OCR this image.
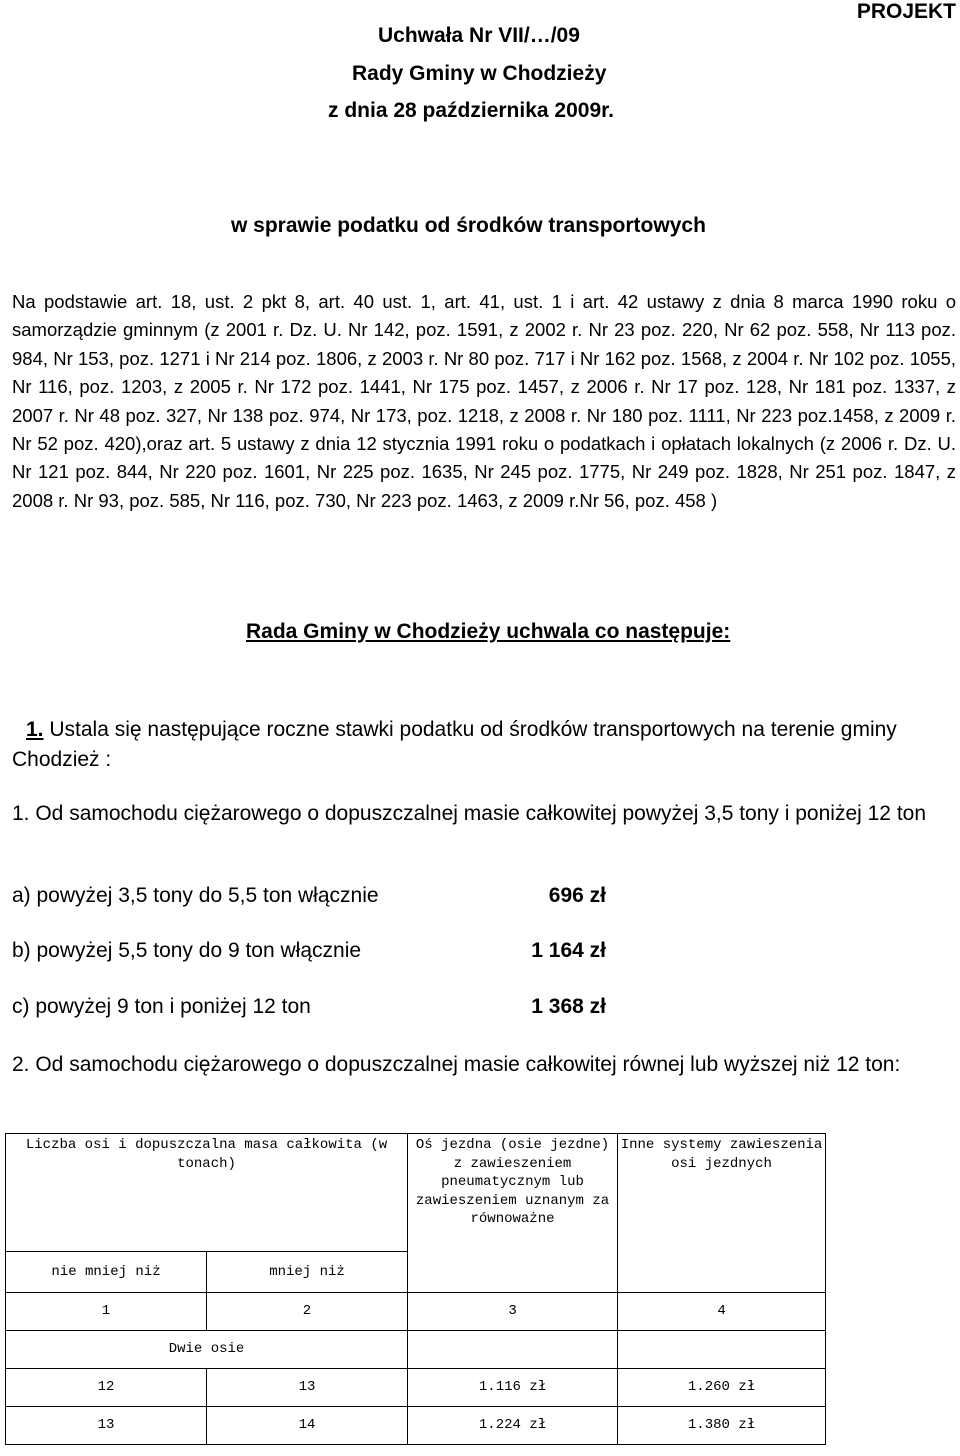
PROJEKT
Uchwała Nr VII/…/09
Rady Gminy w Chodzieży
z dnia 28 października 2009r.
w sprawie podatku od środków transportowych

Na podstawie art. 18, ust. 2 pkt 8, art. 40 ust. 1, art. 41, ust. 1 i art. 42 ustawy z dnia 8 marca 1990 roku o samorządzie gminnym (z 2001 r. Dz. U. Nr 142, poz. 1591, z 2002 r. Nr 23 poz. 220, Nr 62 poz. 558, Nr 113 poz. 984, Nr 153, poz. 1271 i Nr 214 poz. 1806, z 2003 r. Nr 80 poz. 717 i Nr 162 poz. 1568, z 2004 r. Nr 102 poz. 1055, Nr 116, poz. 1203, z 2005 r. Nr 172 poz. 1441, Nr 175 poz. 1457, z 2006 r. Nr 17 poz. 128, Nr 181 poz. 1337, z 2007 r. Nr 48 poz. 327, Nr 138 poz. 974, Nr 173, poz. 1218, z 2008 r. Nr 180 poz. 1111, Nr 223 poz.1458, z 2009 r. Nr 52 poz. 420),oraz art. 5 ustawy z dnia 12 stycznia 1991 roku o podatkach i opłatach lokalnych (z 2006 r. Dz. U. Nr 121 poz. 844, Nr 220 poz. 1601, Nr 225 poz. 1635, Nr 245 poz. 1775, Nr 249 poz. 1828, Nr 251 poz. 1847, z 2008 r. Nr 93, poz. 585, Nr 116, poz. 730, Nr 223 poz. 1463, z 2009 r.Nr 56, poz. 458 )

Rada Gminy w Chodzieży uchwala co następuje:

1. Ustala się następujące roczne stawki podatku od środków transportowych na terenie gminy Chodzież :

1. Od samochodu ciężarowego o dopuszczalnej masie całkowitej powyżej 3,5 tony i poniżej 12 ton

a) powyżej 3,5 tony do 5,5 ton włącznie	696 zł
b) powyżej 5,5 tony do 9 ton włącznie	1 164 zł
c) powyżej 9 ton i poniżej 12 ton	1 368 zł

2. Od samochodu ciężarowego o dopuszczalnej masie całkowitej równej lub wyższej niż 12 ton:

Liczba osi i dopuszczalna masa całkowita (w tonach)		Oś jezdna (osie jezdne) z zawieszeniem pneumatycznym lub zawieszeniem uznanym za równoważne	Inne systemy zawieszenia osi jezdnych
nie mniej niż	mniej niż		
1	2	3	4
Dwie osie			
12	13	1.116 zł	1.260 zł
13	14	1.224 zł	1.380 zł
